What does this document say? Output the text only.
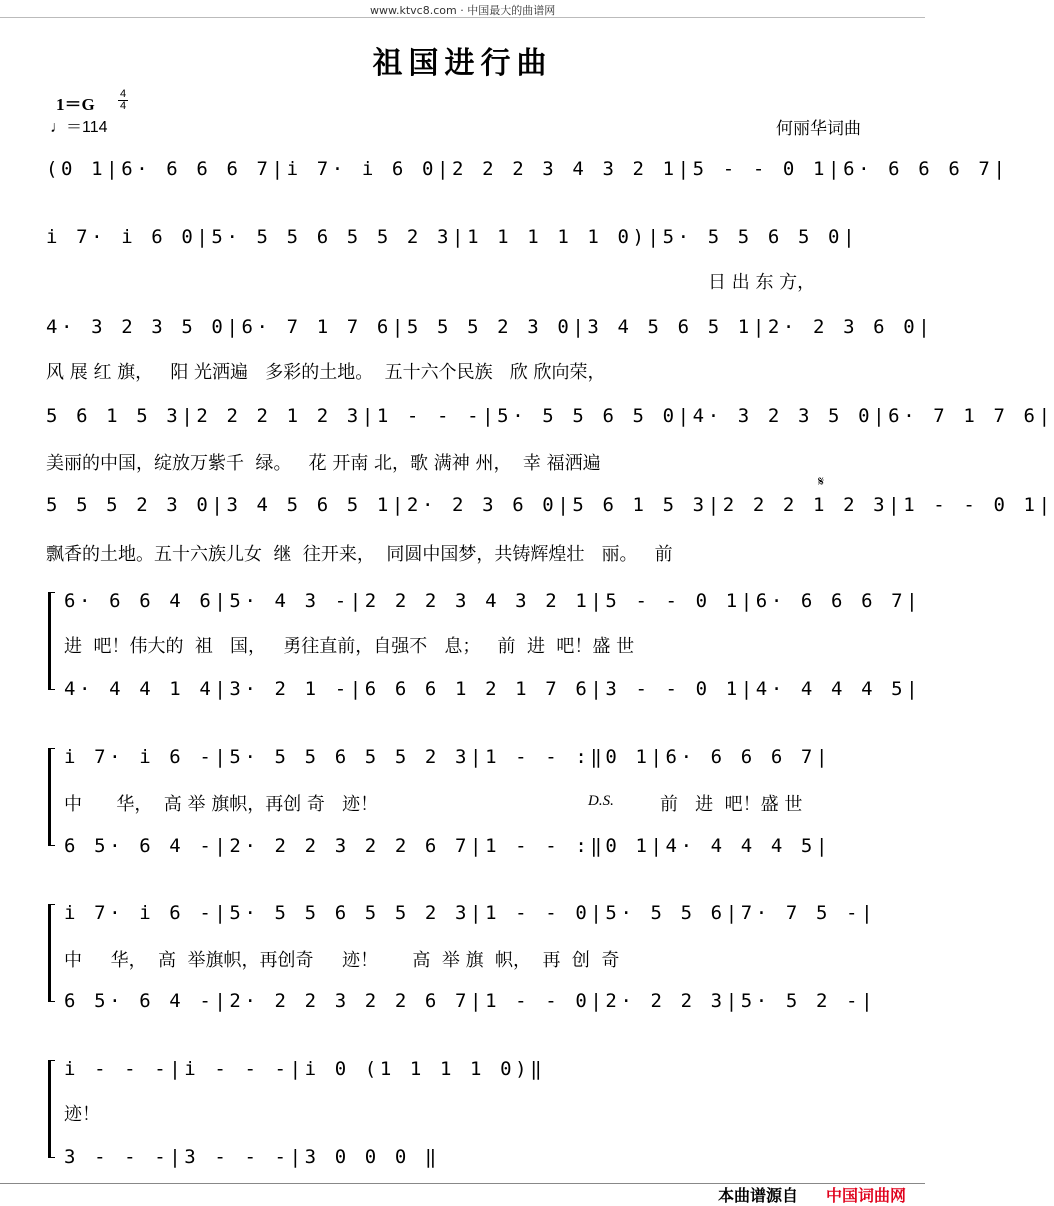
www.ktvc8.com · 中国最大的曲谱网
祖国进行曲
1＝G
4
4
♩＝114	何丽华词曲
(0 1|6· 6 6 6 7|i 7· i 6 0|2 2 2 3 4 3 2 1|5 - - 0 1|6· 6 6 6 7|
i 7· i 6 0|5· 5 5 6 5 5 2 3|1 1 1 1 1 0)|5· 5 5 6 5 0|
日 出 东 方，
4· 3 2 3 5 0|6· 7 1 7 6|5 5 5 2 3 0|3 4 5 6 5 1|2· 2 3 6 0|
风 展 红 旗，   阳 光洒遍   多彩的土地。  五十六个民族   欣 欣向荣，
5 6 1 5 3|2 2 2 1 2 3|1 - - -|5· 5 5 6 5 0|4· 3 2 3 5 0|6· 7 1 7 6|
美丽的中国，绽放万紫千  绿。   花 开南 北，歌 满神 州，  幸 福洒遍
5 5 5 2 3 0|3 4 5 6 5 1|2· 2 3 6 0|5 6 1 5 3|2 2 2 1 2 3|1 - - 0 1|
𝄋
飘香的土地。五十六族儿女  继  往开来，  同圆中国梦，共铸辉煌壮   丽。   前
6· 6 6 4 6|5· 4 3 -|2 2 2 3 4 3 2 1|5 - - 0 1|6· 6 6 6 7|
进  吧！伟大的  祖   国，   勇往直前，自强不   息；   前  进  吧！盛 世
4· 4 4 1 4|3· 2 1 -|6 6 6 1 2 1 7 6|3 - - 0 1|4· 4 4 4 5|
i 7· i 6 -|5· 5 5 6 5 5 2 3|1 - - :‖0 1|6· 6 6 6 7|
中      华，  高 举 旗帜，再创 奇   迹！	D.S.	前   进  吧！盛 世
6 5· 6 4 -|2· 2 2 3 2 2 6 7|1 - - :‖0 1|4· 4 4 4 5|
i 7· i 6 -|5· 5 5 6 5 5 2 3|1 - - 0|5· 5 5 6|7· 7 5 -|
中     华，  高  举旗帜，再创奇     迹！      高  举 旗  帜，  再  创  奇
6 5· 6 4 -|2· 2 2 3 2 2 6 7|1 - - 0|2· 2 2 3|5· 5 2 -|
i - - -|i - - -|i 0 (1 1 1 1 0)‖
迹！
3 - - -|3 - - -|3 0 0 0 ‖
本曲谱源自 中国词曲网
